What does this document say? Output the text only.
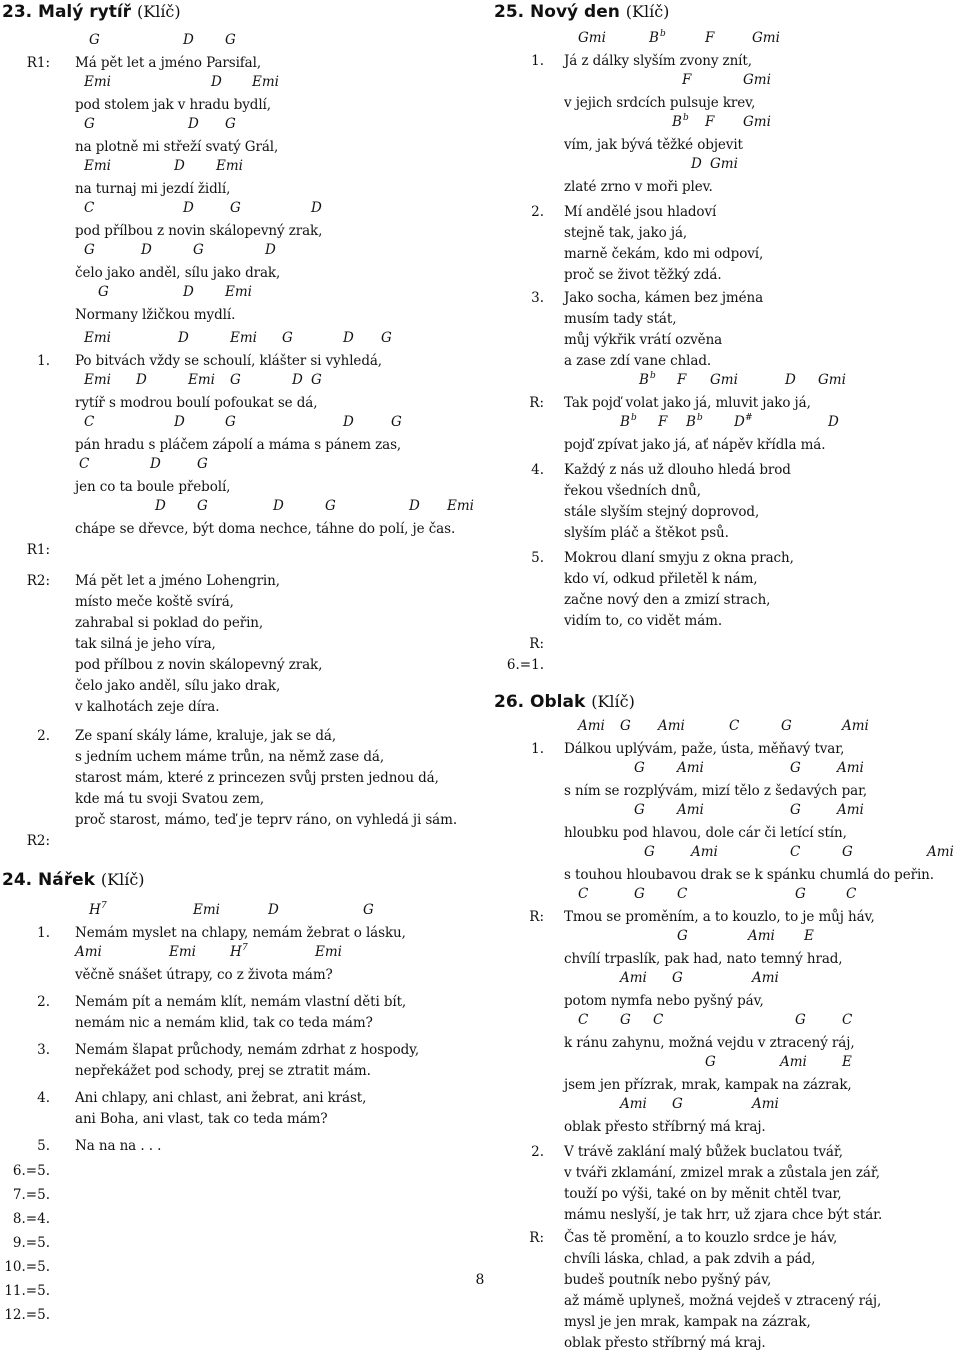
23. Malý rytíř (Klíč)
G	D G
R1: Má pět let a jméno Parsifal,
Emi	D Emi
pod stolem jak v hradu bydlí,
G	D G
na plotně mi střeží svatý Grál,
Emi	D Emi
na turnaj mi jezdí židlí,
C	D	G	D
pod přílbou z novin skálopevný zrak,
G	D	G	D
čelo jako anděl, sílu jako drak,
G	D Emi
Normany lžičkou mydlí.
Emi	D	Emi G	D G
1. Po bitvách vždy se schoulí, klášter si vyhledá,
Emi D	Emi G	D G
rytíř s modrou boulí pofoukat se dá,
C	D	G	D	G
pán hradu s pláčem zápolí a máma s pánem zas,
C	D	G
jen co ta boule přebolí,
D G	D	G	D Emi
chápe se dřevce, být doma nechce, táhne do polí, je čas.
R1:
R2: Má pět let a jméno Lohengrin,
místo meče koště svírá,
zahrabal si poklad do peřin,
tak silná je jeho víra,
pod přílbou z novin skálopevný zrak,
čelo jako anděl, sílu jako drak,
v kalhotách zeje díra.
2. Ze spaní skály láme, kraluje, jak se dá,
s jedním uchem máme trůn, na němž zase dá,
starost mám, které z princezen svůj prsten jednou dá,
kde má tu svoji Svatou zem,
proč starost, mámo, teď je teprv ráno, on vyhledá ji sám.
R2:
24. Nářek (Klíč)
H 7	Emi	D	G
1. Nemám myslet na chlapy, nemám žebrat o lásku,
Ami	Emi	H 7	Emi
věčně snášet útrapy, co z života mám?
2. Nemám pít a nemám klít, nemám vlastní děti bít,
nemám nic a nemám klid, tak co teda mám?
3. Nemám šlapat průchody, nemám zdrhat z hospody,
nepřekážet pod schody, prej se ztratit mám.
4. Ani chlapy, ani chlast, ani žebrat, ani krást,
ani Boha, ani vlast, tak co teda mám?
5. Na na na . . .
6.=5.
7.=5.
8.=4.
9.=5.
10.=5.
11.=5.
12.=5.
25. Nový den (Klíč)
Gmi	B b	F	Gmi
1. Já z dálky slyším zvony znít,
F	Gmi
v jejich srdcích pulsuje krev,
B b F Gmi
vím, jak bývá těžké objevit
D Gmi
zlaté zrno v moři plev.
2. Mí andělé jsou hladoví
stejně tak, jako já,
marně čekám, kdo mi odpoví,
proč se život těžký zdá.
3. Jako socha, kámen bez jména
musím tady stát,
můj výkřik vrátí ozvěna
a zase zdí vane chlad.
B b F Gmi	D Gmi
R: Tak pojď volat jako já, mluvit jako já,
B b F B b D #	D
pojď zpívat jako já, ať nápěv křídla má.
4. Každý z nás už dlouho hledá brod
řekou všedních dnů,
stále slyším stejný doprovod,
slyším pláč a štěkot psů.
5. Mokrou dlaní smyju z okna prach,
kdo ví, odkud přiletěl k nám,
začne nový den a zmizí strach,
vidím to, co vidět mám.
R:
6.=1.
26. Oblak (Klíč)
Ami G Ami	C	G	Ami
1. Dálkou uplývám, paže, ústa, měňavý tvar,
G Ami	G	Ami
s ním se rozplývám, mizí tělo z šedavých par,
G Ami	G	Ami
hloubku pod hlavou, dole cár či letící stín,
G	Ami	C	G	Ami
s touhou hloubavou drak se k spánku chumlá do peřin.
C	G C	G	C
R: Tmou se proměním, a to kouzlo, to je můj háv,
G	Ami E
chvílí trpaslík, pak had, nato temný hrad,
Ami G	Ami
potom nymfa nebo pyšný páv,
C G C	G	C
k ránu zahynu, možná vejdu v ztracený ráj,
G	Ami	E
jsem jen přízrak, mrak, kampak na zázrak,
Ami G	Ami
oblak přesto stříbrný má kraj.
2. V trávě zaklání malý bůžek buclatou tvář,
v tváři zklamání, zmizel mrak a zůstala jen zář,
touží po výši, také on by měnit chtěl tvar,
mámu neslyší, je tak hrr, už zjara chce být stár.
R: Čas tě promění, a to kouzlo srdce je háv,
chvíli láska, chlad, a pak zdvih a pád,
budeš poutník nebo pyšný páv,
až mámě uplyneš, možná vejdeš v ztracený ráj,
mysl je jen mrak, kampak na zázrak,
oblak přesto stříbrný má kraj.
8
